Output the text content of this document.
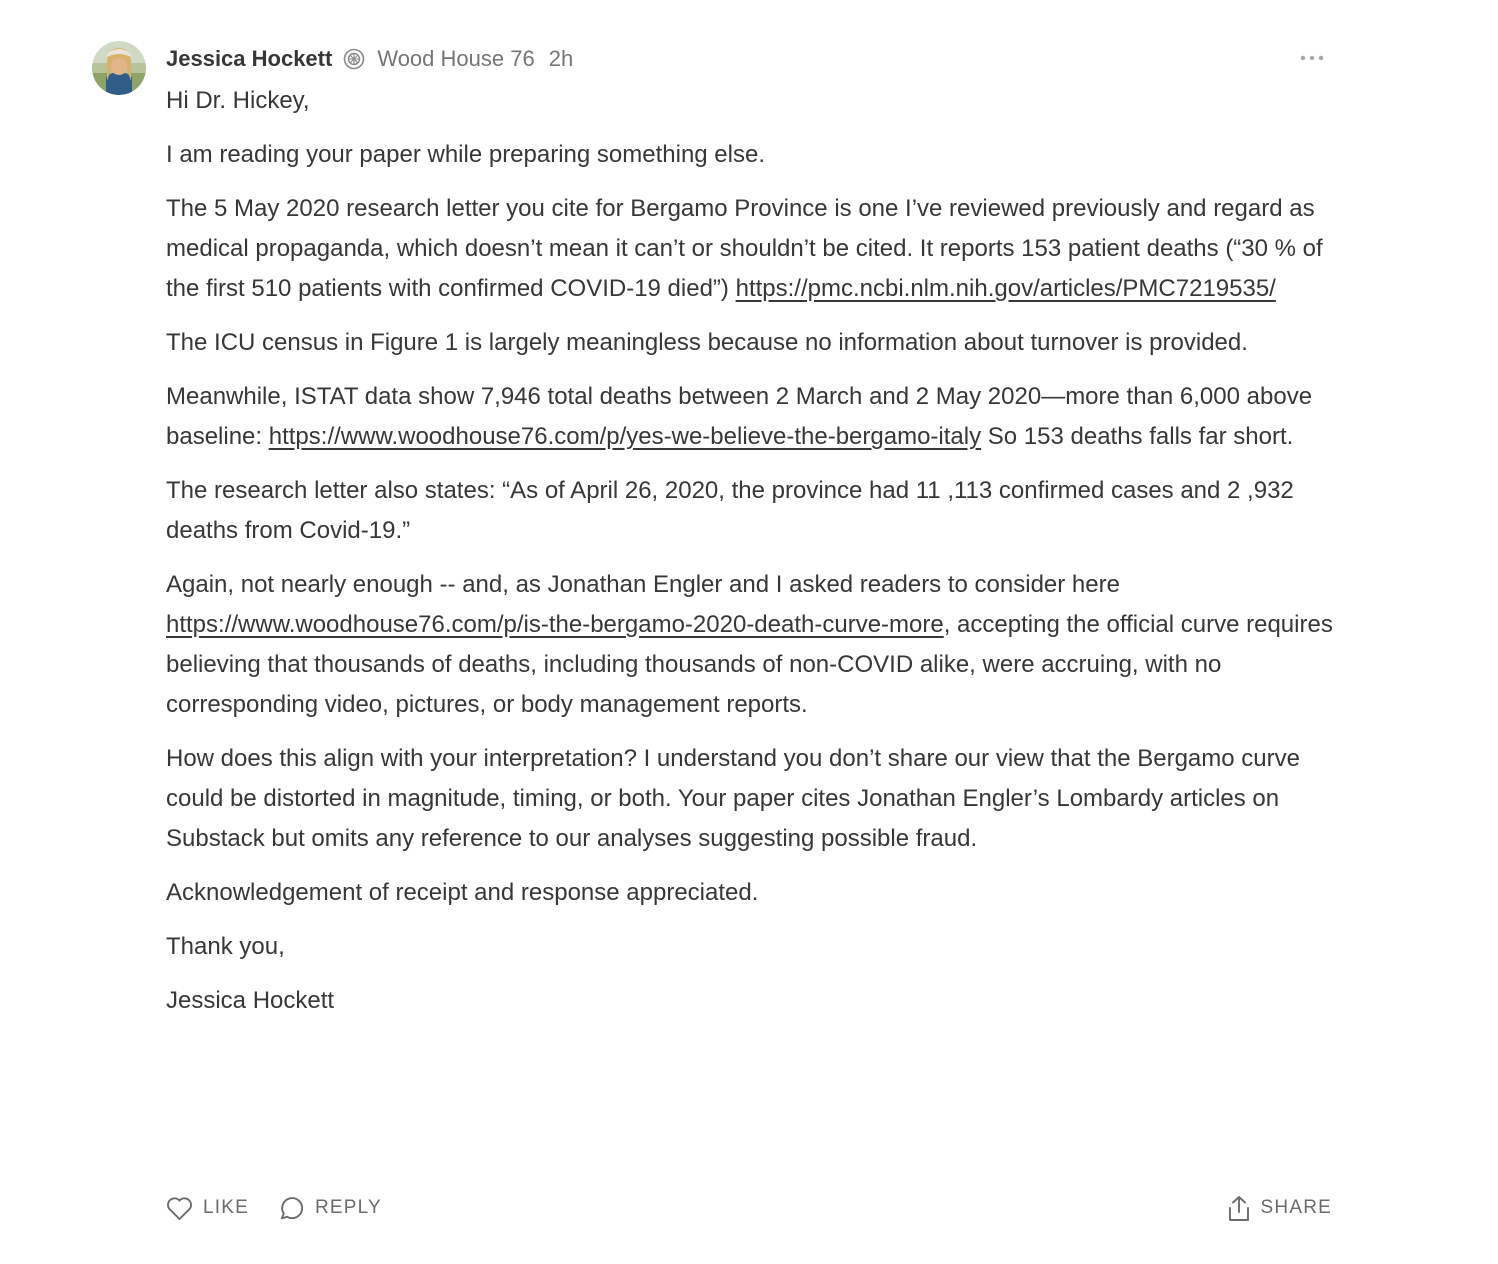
Jessica Hockett Wood House 76 2h

Hi Dr. Hickey,

I am reading your paper while preparing something else.

The 5 May 2020 research letter you cite for Bergamo Province is one I’ve reviewed previously and regard as medical propaganda, which doesn’t mean it can’t or shouldn’t be cited. It reports 153 patient deaths (“30 % of the first 510 patients with confirmed COVID-19 died”) https://pmc.ncbi.nlm.nih.gov/articles/PMC7219535/

The ICU census in Figure 1 is largely meaningless because no information about turnover is provided.

Meanwhile, ISTAT data show 7,946 total deaths between 2 March and 2 May 2020—more than 6,000 above baseline: https://www.woodhouse76.com/p/yes-we-believe-the-bergamo-italy So 153 deaths falls far short.

The research letter also states: “As of April 26, 2020, the province had 11 ,113 confirmed cases and 2 ,932 deaths from Covid-19.”

Again, not nearly enough -- and, as Jonathan Engler and I asked readers to consider here https://www.woodhouse76.com/p/is-the-bergamo-2020-death-curve-more, accepting the official curve requires believing that thousands of deaths, including thousands of non-COVID alike, were accruing, with no corresponding video, pictures, or body management reports.

How does this align with your interpretation? I understand you don’t share our view that the Bergamo curve could be distorted in magnitude, timing, or both. Your paper cites Jonathan Engler’s Lombardy articles on Substack but omits any reference to our analyses suggesting possible fraud.

Acknowledgement of receipt and response appreciated.

Thank you,

Jessica Hockett

LIKE	REPLY	SHARE
